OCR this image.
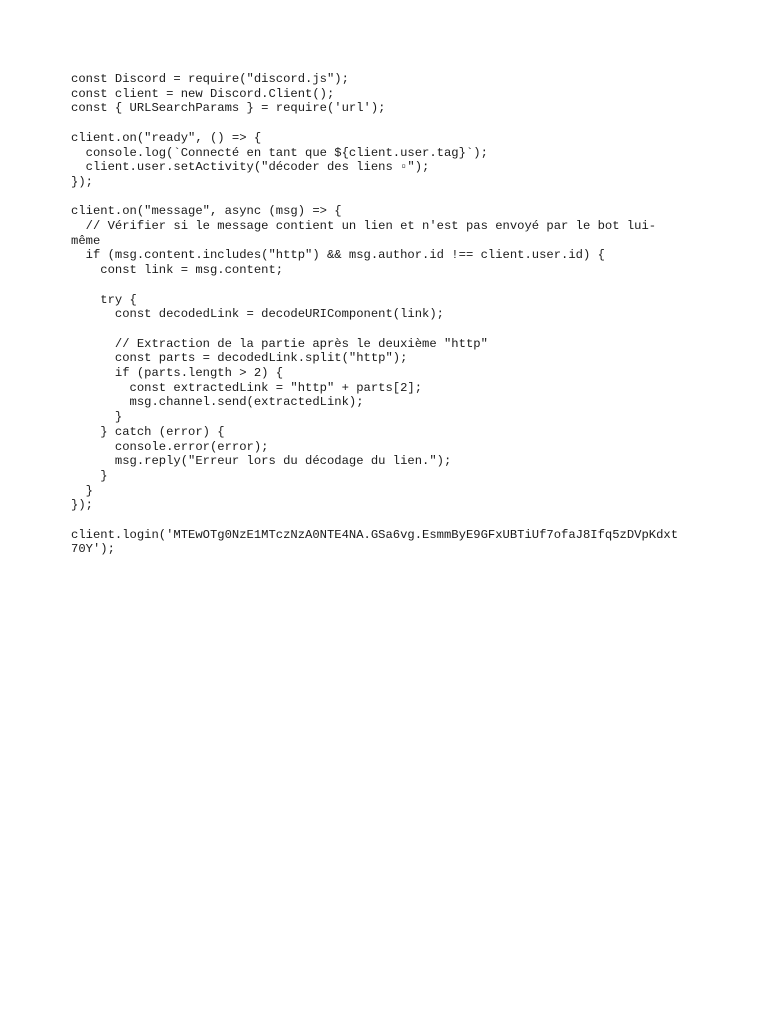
const Discord = require("discord.js");
const client = new Discord.Client();
const { URLSearchParams } = require('url');
client.on("ready", () => {
console.log(`Connecté en tant que ${client.user.tag}`);
client.user.setActivity("décoder des liens ▫");
});
client.on("message", async (msg) => {
// Vérifier si le message contient un lien et n'est pas envoyé par le bot lui-
même
if (msg.content.includes("http") && msg.author.id !== client.user.id) {
const link = msg.content;
try {
const decodedLink = decodeURIComponent(link);
// Extraction de la partie après le deuxième "http"
const parts = decodedLink.split("http");
if (parts.length > 2) {
const extractedLink = "http" + parts[2];
msg.channel.send(extractedLink);
}
} catch (error) {
console.error(error);
msg.reply("Erreur lors du décodage du lien.");
}
}
});
client.login('MTEwOTg0NzE1MTczNzA0NTE4NA.GSa6vg.EsmmByE9GFxUBTiUf7ofaJ8Ifq5zDVpKdxt
70Y');
